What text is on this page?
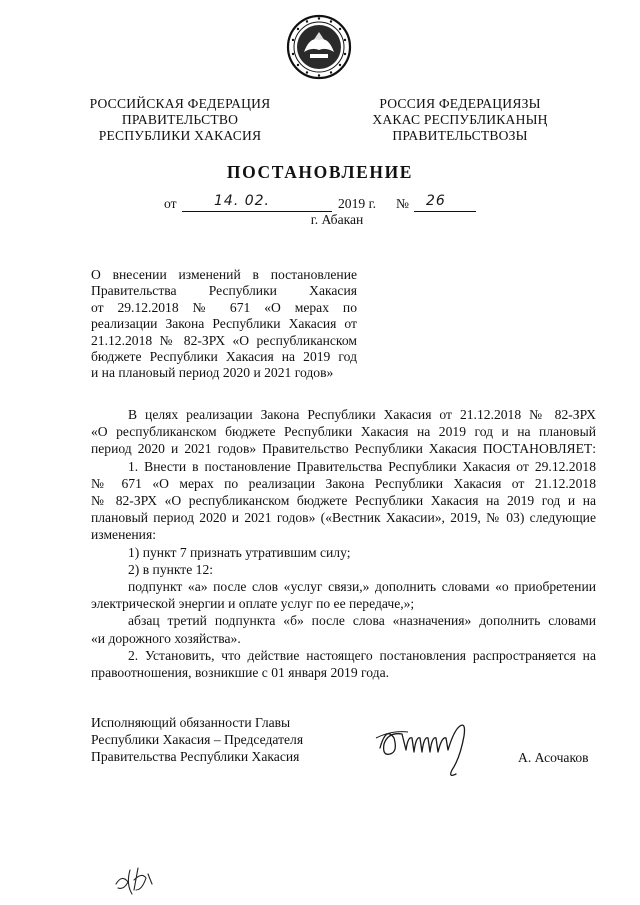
РОССИЙСКАЯ ФЕДЕРАЦИЯ
ПРАВИТЕЛЬСТВО
РЕСПУБЛИКИ ХАКАСИЯ
РОССИЯ ФЕДЕРАЦИЯЗЫ
ХАКАС РЕСПУБЛИКАНЫҢ
ПРАВИТЕЛЬСТВОЗЫ
ПОСТАНОВЛЕНИЕ
от	14. 02.	2019 г. № 26
г. Абакан
О внесении изменений в постановление
Правительства Республики Хакасия
от 29.12.2018 № 671 «О мерах по
реализации Закона Республики Хакасия от
21.12.2018 № 82-ЗРХ «О республиканском
бюджете Республики Хакасия на 2019 год
и на плановый период 2020 и 2021 годов»
В целях реализации Закона Республики Хакасия от 21.12.2018 № 82-ЗРХ
«О республиканском бюджете Республики Хакасия на 2019 год и на плановый
период 2020 и 2021 годов» Правительство Республики Хакасия ПОСТАНОВЛЯЕТ:
1. Внести в постановление Правительства Республики Хакасия от 29.12.2018
№ 671 «О мерах по реализации Закона Республики Хакасия от 21.12.2018
№ 82-ЗРХ «О республиканском бюджете Республики Хакасия на 2019 год и на
плановый период 2020 и 2021 годов» («Вестник Хакасии», 2019, № 03) следующие
изменения:
1) пункт 7 признать утратившим силу;
2) в пункте 12:
подпункт «а» после слов «услуг связи,» дополнить словами «о приобретении
электрической энергии и оплате услуг по ее передаче,»;
абзац третий подпункта «б» после слова «назначения» дополнить словами
«и дорожного хозяйства».
2. Установить, что действие настоящего постановления распространяется на
правоотношения, возникшие с 01 января 2019 года.
Исполняющий обязанности Главы
Республики Хакасия – Председателя
Правительства Республики Хакасия	А. Асочаков
